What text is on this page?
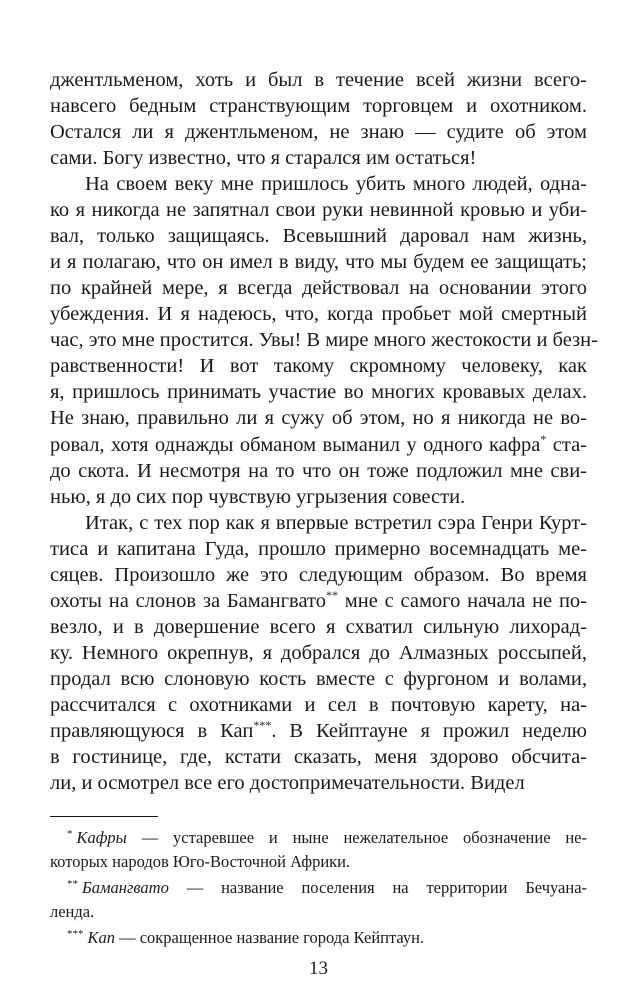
джентльменом, хоть и был в течение всей жизни всего-
навсего бедным странствующим торговцем и охотником.
Остался ли я джентльменом, не знаю — судите об этом
сами. Богу известно, что я старался им остаться!
На своем веку мне пришлось убить много людей, одна-
ко я никогда не запятнал свои руки невинной кровью и уби-
вал, только защищаясь. Всевышний даровал нам жизнь,
и я полагаю, что он имел в виду, что мы будем ее защищать;
по крайней мере, я всегда действовал на основании этого
убеждения. И я надеюсь, что, когда пробьет мой смертный
час, это мне простится. Увы! В мире много жестокости и безн-
равственности! И вот такому скромному человеку, как
я, пришлось принимать участие во многих кровавых делах.
Не знаю, правильно ли я сужу об этом, но я никогда не во-
ровал, хотя однажды обманом выманил у одного кафра* ста-
до скота. И несмотря на то что он тоже подложил мне сви-
нью, я до сих пор чувствую угрызения совести.
Итак, с тех пор как я впервые встретил сэра Генри Курт-
тиса и капитана Гуда, прошло примерно восемнадцать ме-
сяцев. Произошло же это следующим образом. Во время
охоты на слонов за Бамангвато** мне с самого начала не по-
везло, и в довершение всего я схватил сильную лихорад-
ку. Немного окрепнув, я добрался до Алмазных россыпей,
продал всю слоновую кость вместе с фургоном и волами,
рассчитался с охотниками и сел в почтовую карету, на-
правляющуюся в Кап***. В Кейптауне я прожил неделю
в гостинице, где, кстати сказать, меня здорово обсчита-
ли, и осмотрел все его достопримечательности. Видел
* Кафры — устаревшее и ныне нежелательное обозначение не-
которых народов Юго-Восточной Африки.
** Бамангвато — название поселения на территории Бечуана-
ленда.
*** Кап — сокращенное название города Кейптаун.
13
